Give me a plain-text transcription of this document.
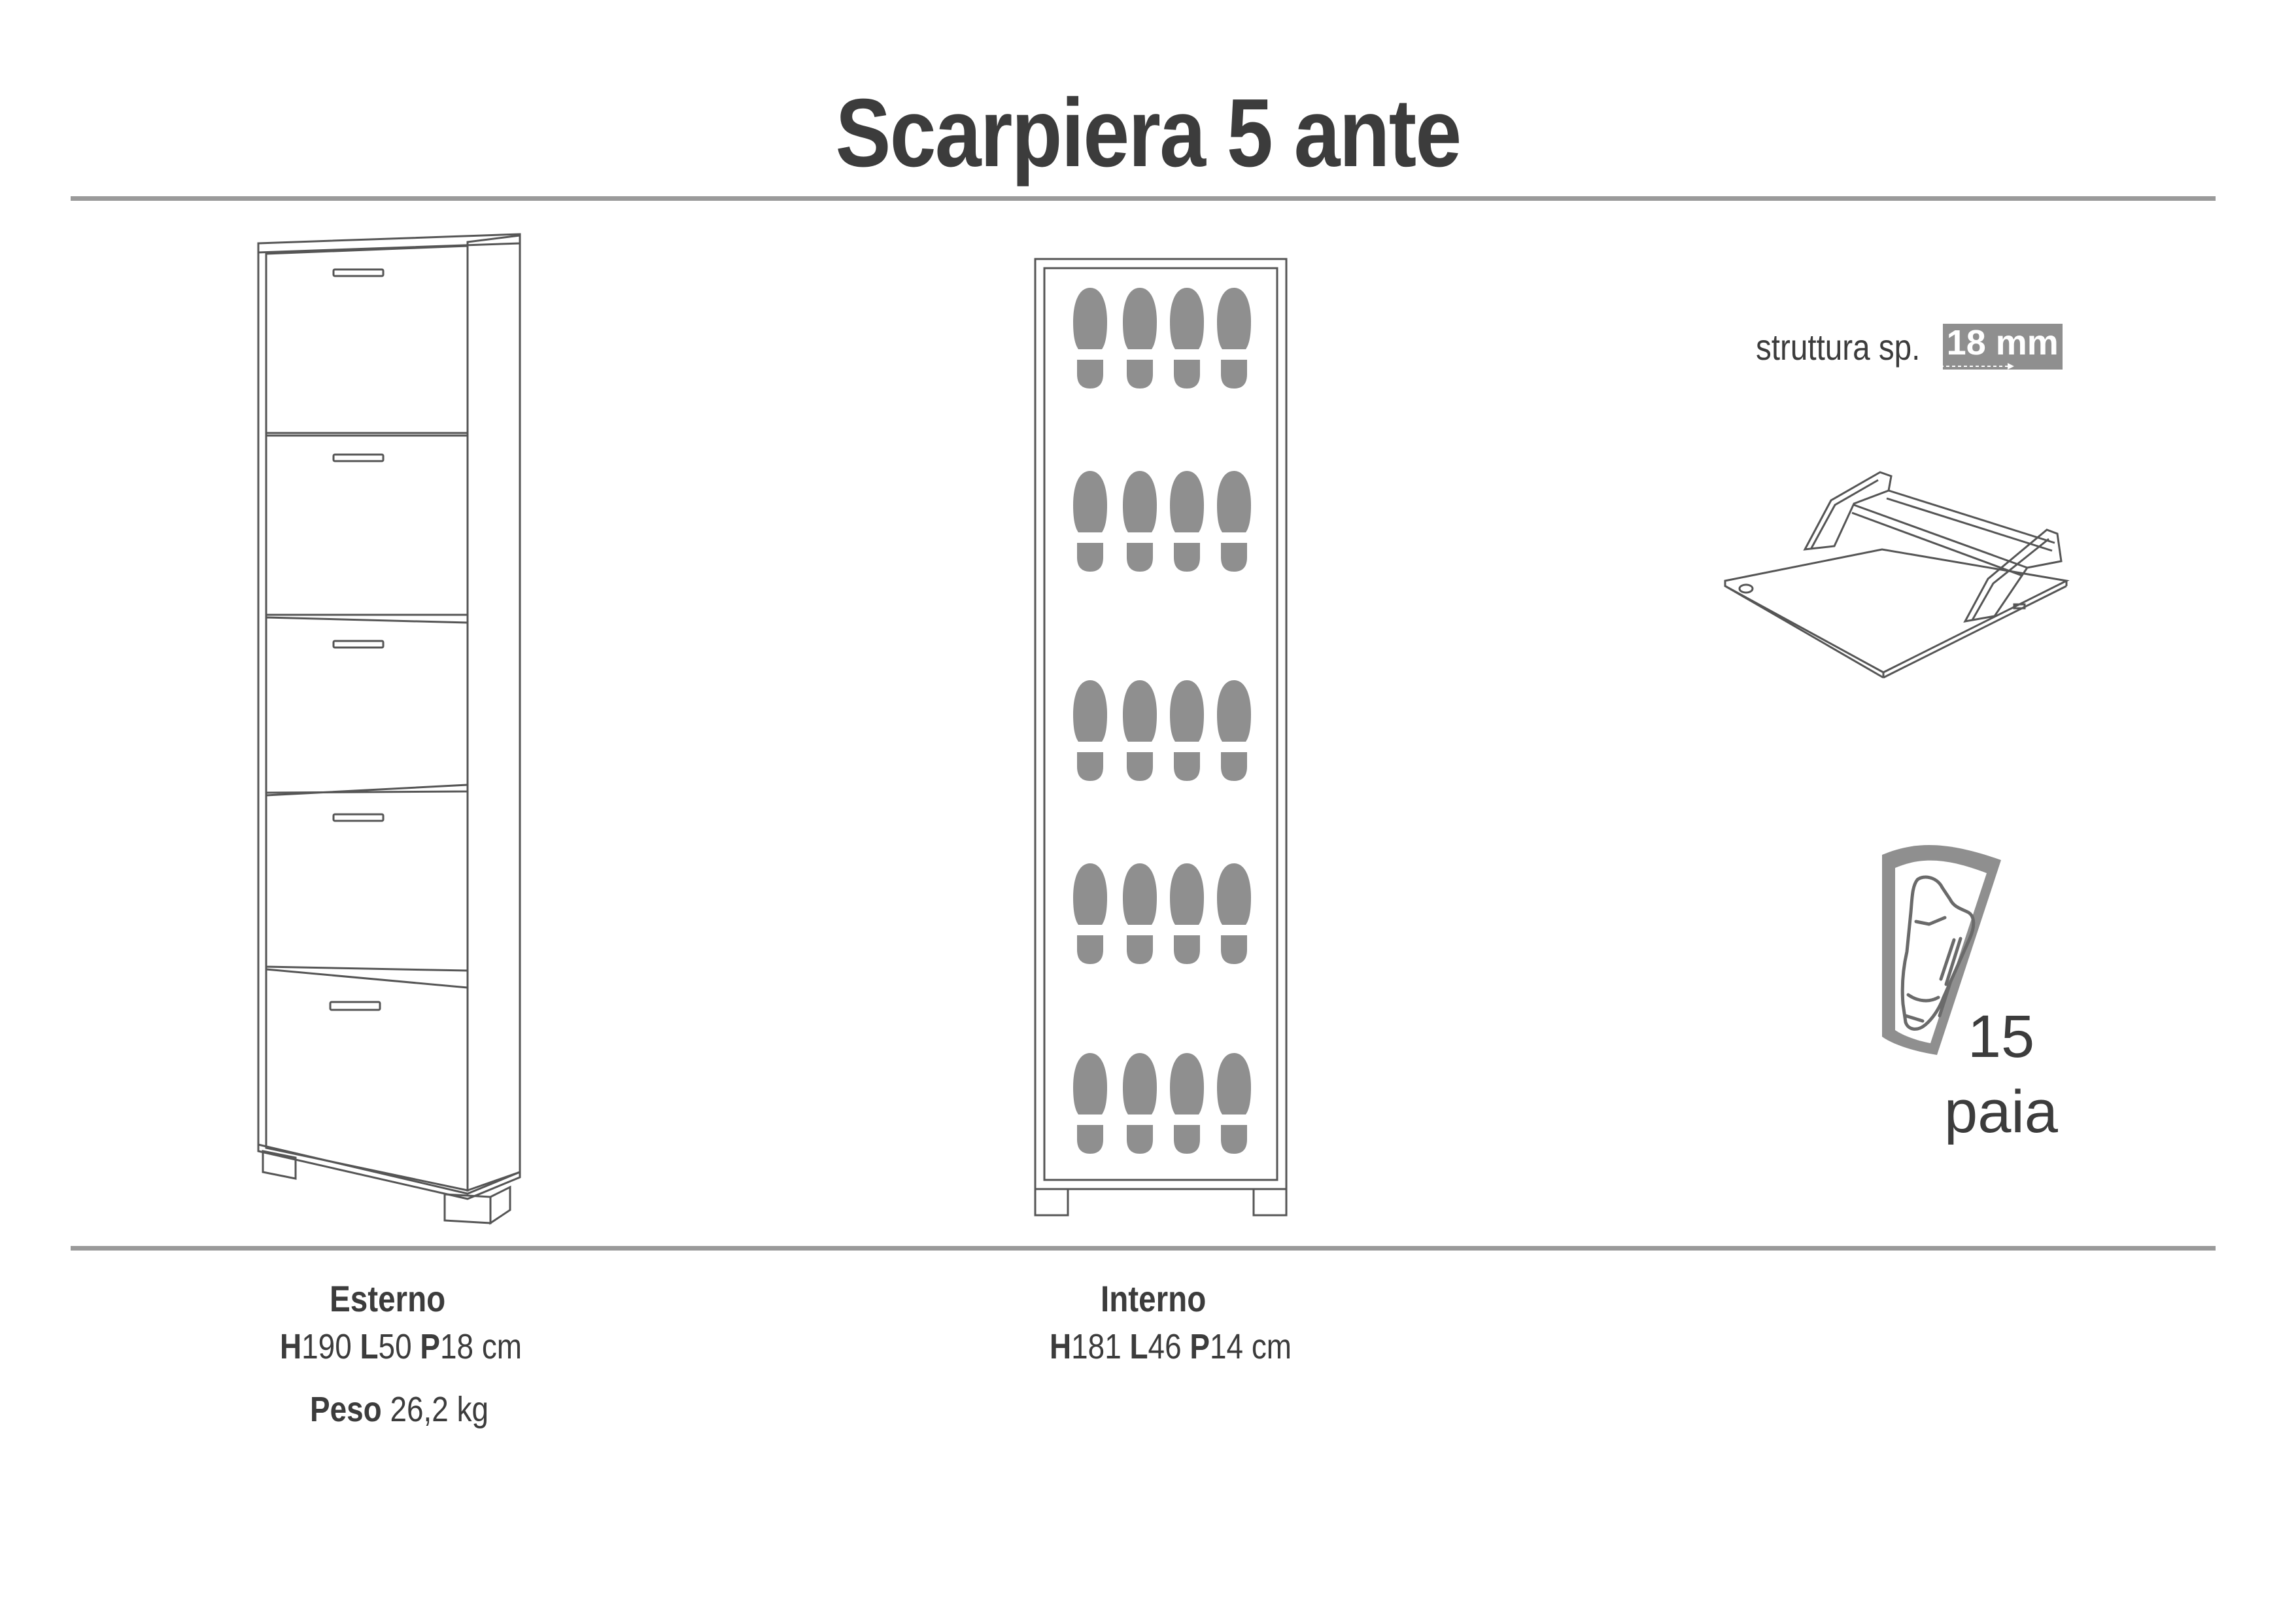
Scarpiera 5 ante
struttura sp. 18 mm
15
paia
Esterno
H190 L50 P18 cm
Peso 26,2 kg
Interno
H181 L46 P14 cm
